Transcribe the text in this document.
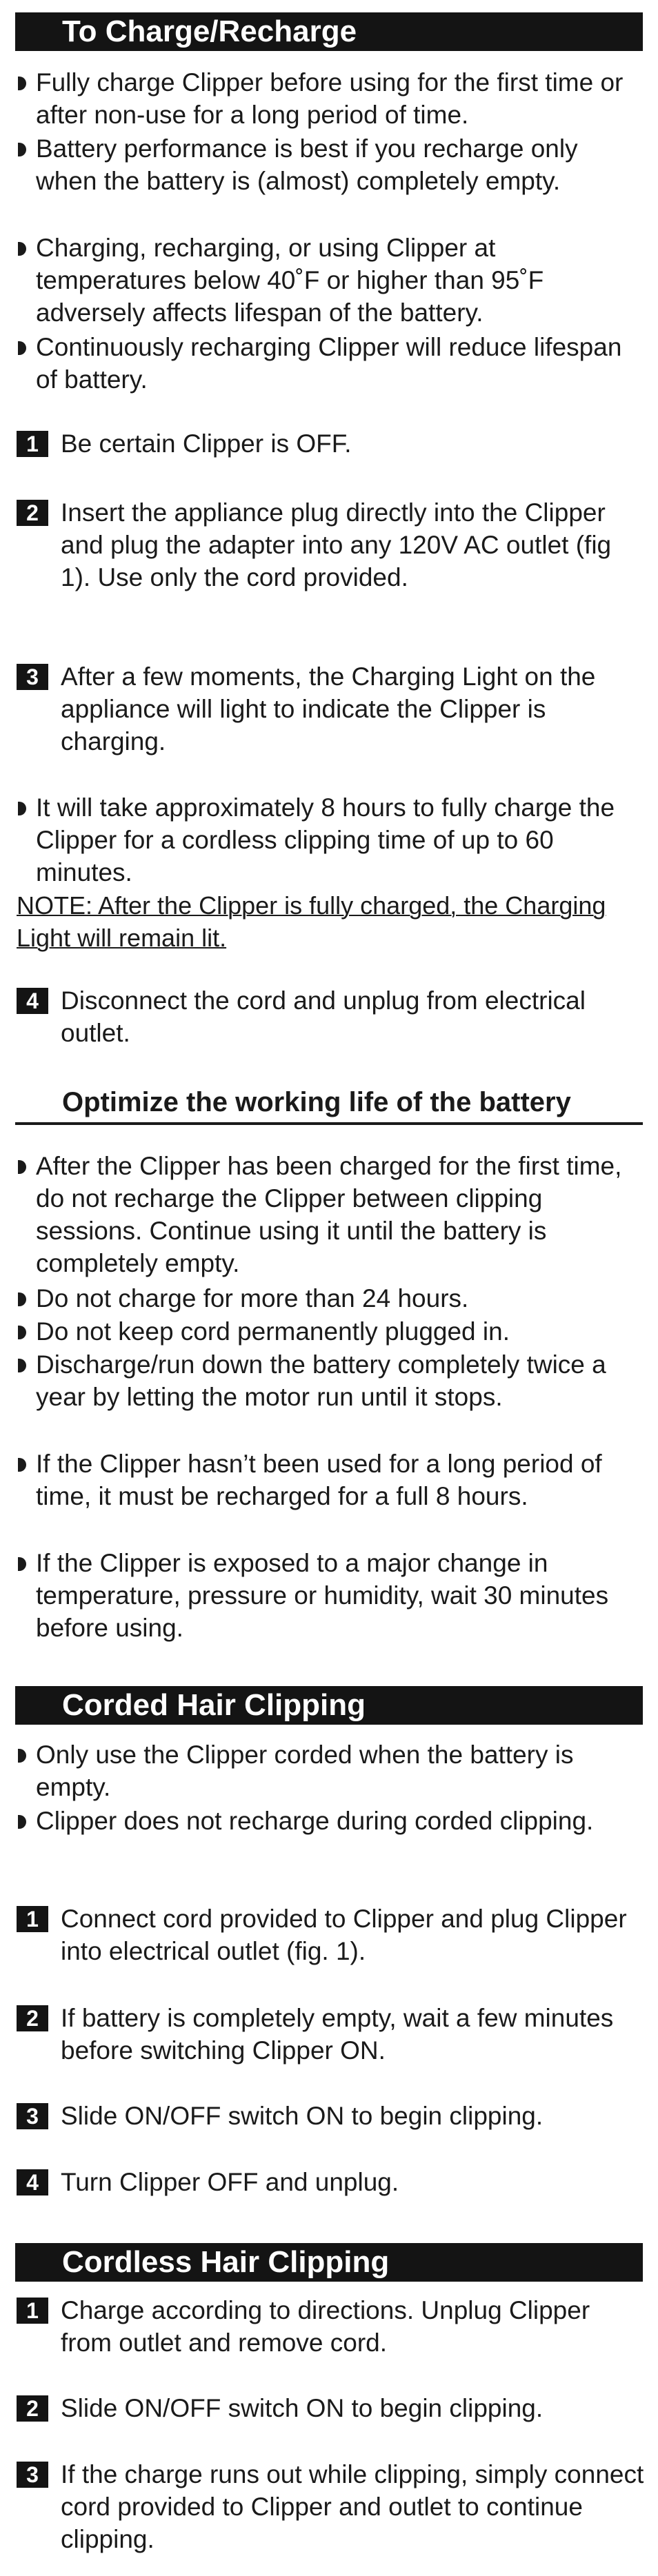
To Charge/Recharge
Fully charge Clipper before using for the first time or after non-use for a long period of time.
Battery performance is best if you recharge only when the battery is (almost) completely empty.
Charging, recharging, or using Clipper at temperatures below 40˚F or higher than 95˚F adversely affects lifespan of the battery.
Continuously recharging Clipper will reduce lifespan of battery.
1 Be certain Clipper is OFF.
2 Insert the appliance plug directly into the Clipper and plug the adapter into any 120V AC outlet (fig 1). Use only the cord provided.
3 After a few moments, the Charging Light on the appliance will light to indicate the Clipper is charging.
It will take approximately 8 hours to fully charge the Clipper for a cordless clipping time of up to 60 minutes.
NOTE: After the Clipper is fully charged, the Charging Light will remain lit.
4 Disconnect the cord and unplug from electrical outlet.
Optimize the working life of the battery
After the Clipper has been charged for the first time, do not recharge the Clipper between clipping sessions. Continue using it until the battery is completely empty.
Do not charge for more than 24 hours.
Do not keep cord permanently plugged in.
Discharge/run down the battery completely twice a year by letting the motor run until it stops.
If the Clipper hasn’t been used for a long period of time, it must be recharged for a full 8 hours.
If the Clipper is exposed to a major change in temperature, pressure or humidity, wait 30 minutes before using.
Corded Hair Clipping
Only use the Clipper corded when the battery is empty.
Clipper does not recharge during corded clipping.
1 Connect cord provided to Clipper and plug Clipper into electrical outlet (fig. 1).
2 If battery is completely empty, wait a few minutes before switching Clipper ON.
3 Slide ON/OFF switch ON to begin clipping.
4 Turn Clipper OFF and unplug.
Cordless Hair Clipping
1 Charge according to directions. Unplug Clipper from outlet and remove cord.
2 Slide ON/OFF switch ON to begin clipping.
3 If the charge runs out while clipping, simply connect cord provided to Clipper and outlet to continue clipping.
